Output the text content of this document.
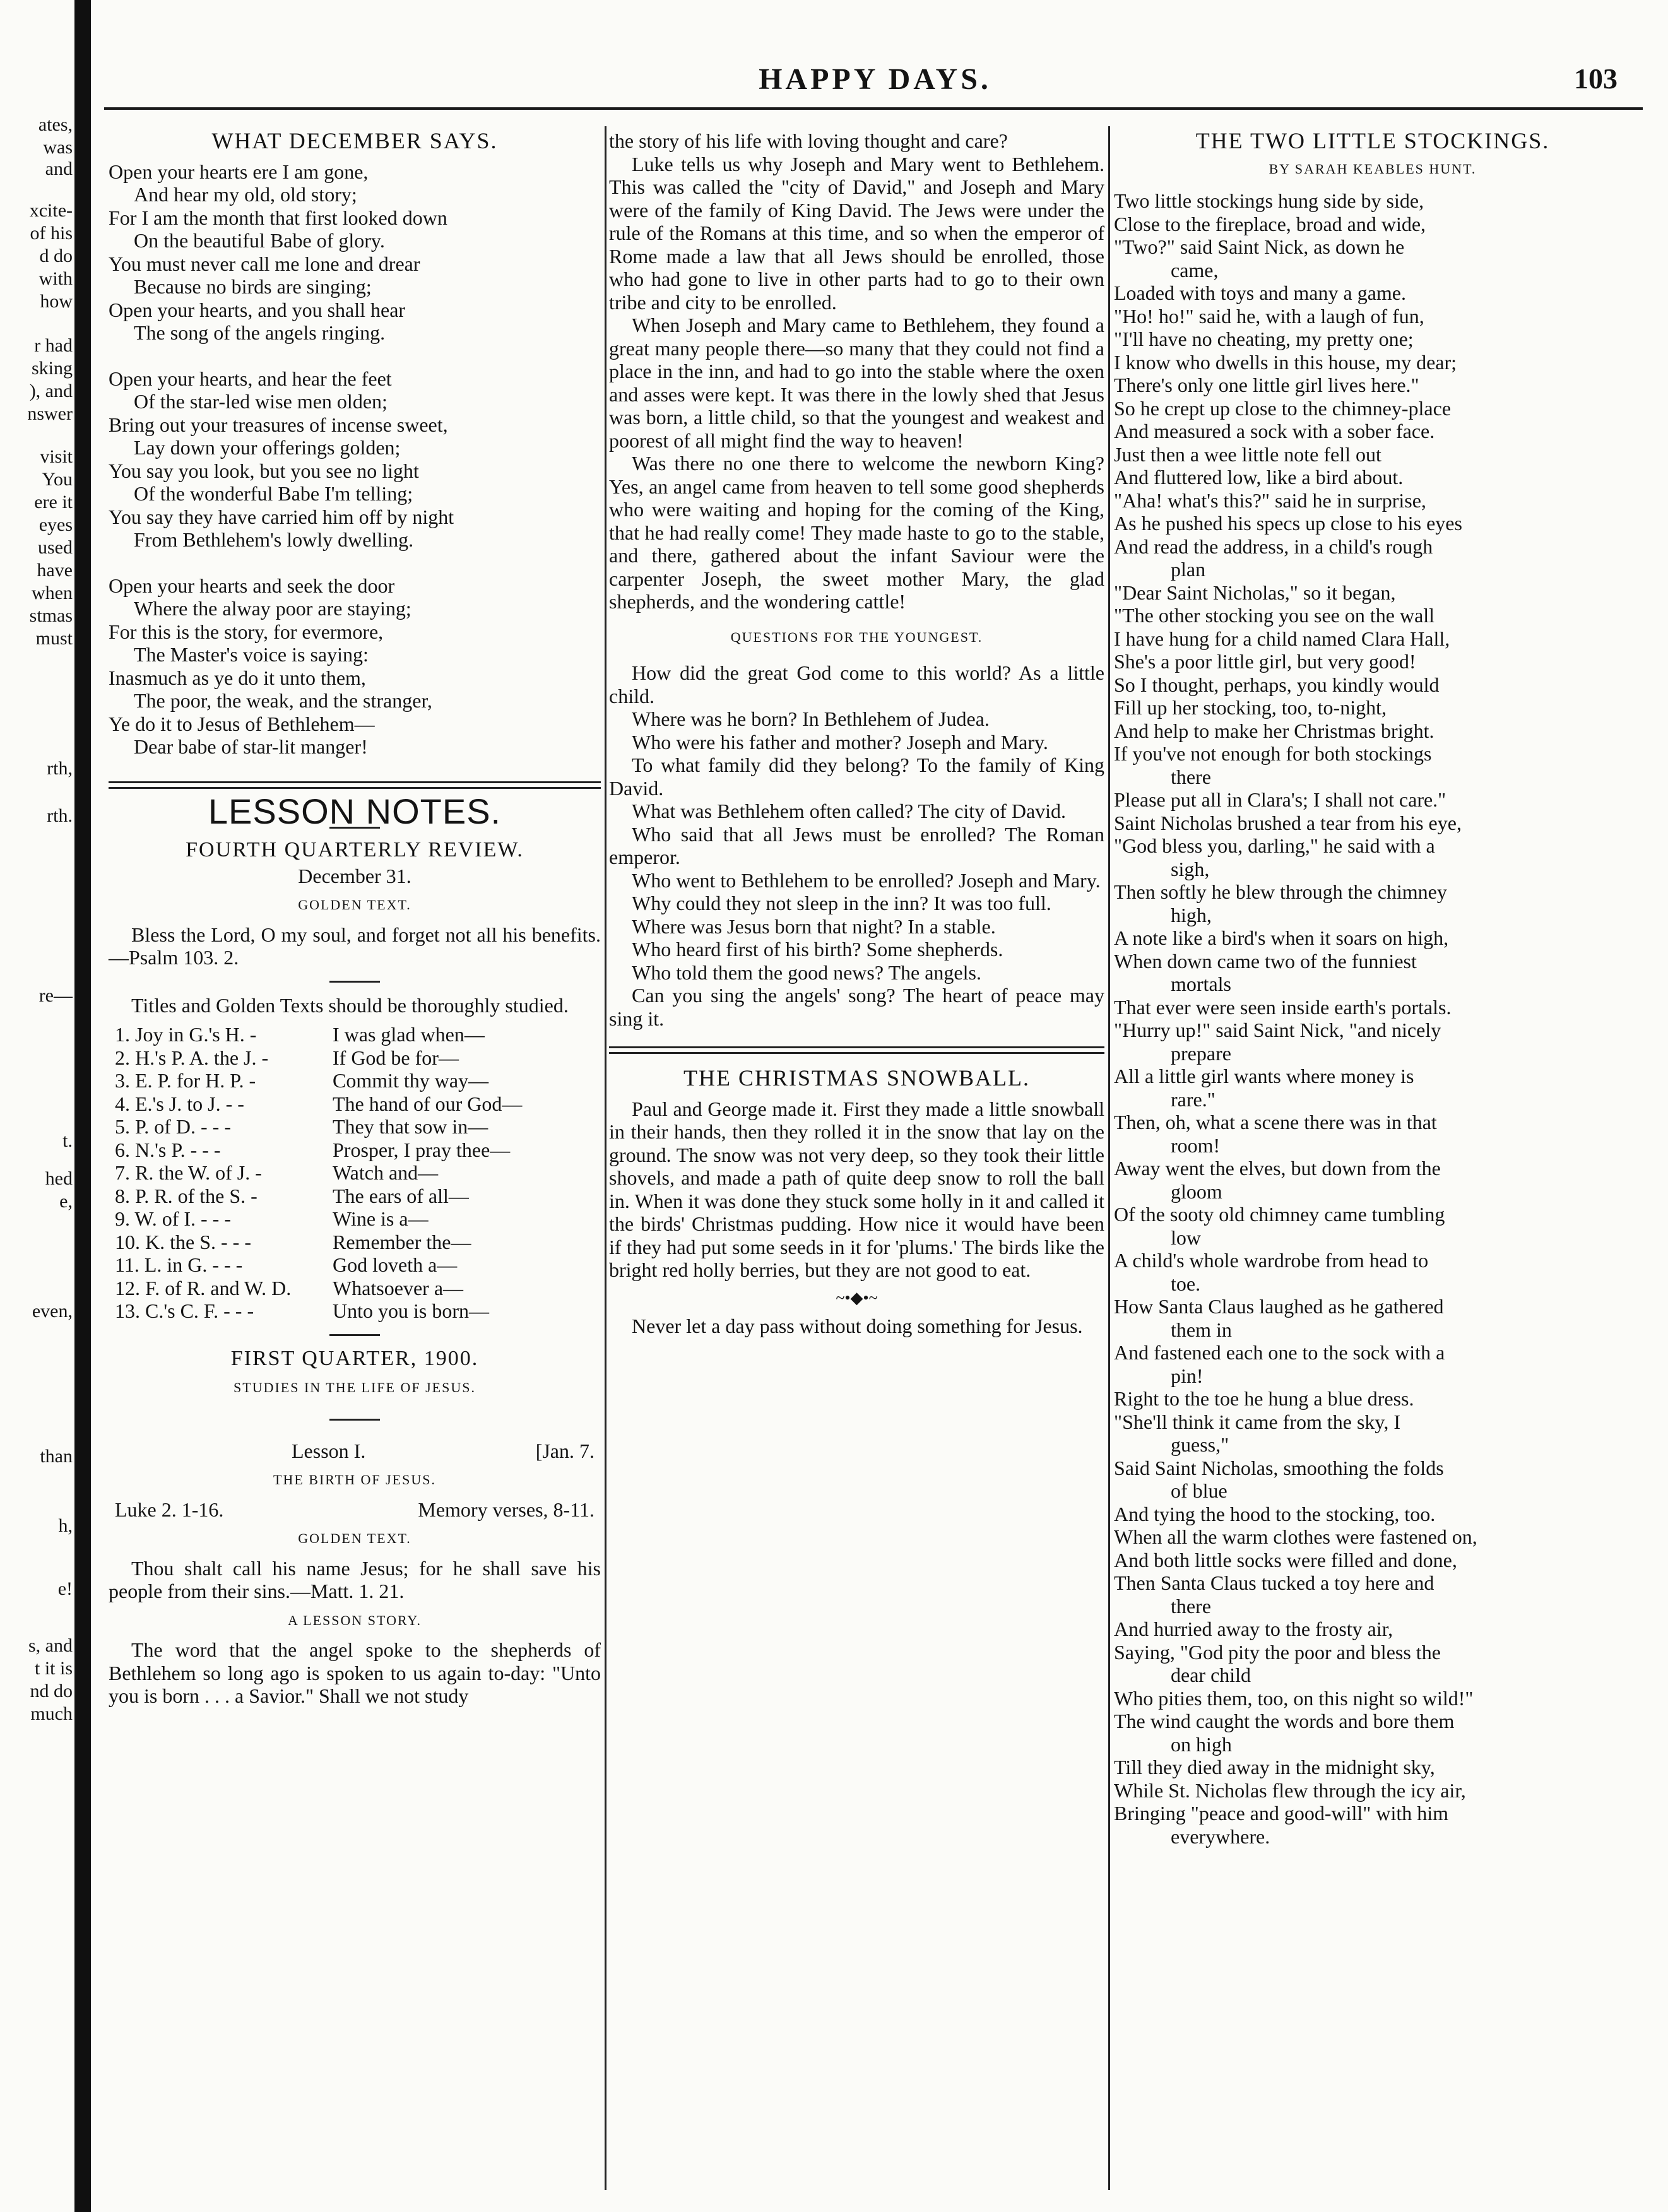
ates,
was
and
xcite-
of his
d do
with
how
r had
sking
), and
nswer
visit
You
ere it
eyes
used
have
when
stmas
must
rth,
rth.
re—
t.
hed
e,
even,
than
h,
e!
s, and
t it is
nd do
much
HAPPY DAYS.	103
WHAT DECEMBER SAYS.
Open your hearts ere I am gone,
And hear my old, old story;
For I am the month that first looked down
On the beautiful Babe of glory.
You must never call me lone and drear
Because no birds are singing;
Open your hearts, and you shall hear
The song of the angels ringing.
Open your hearts, and hear the feet
Of the star-led wise men olden;
Bring out your treasures of incense sweet,
Lay down your offerings golden;
You say you look, but you see no light
Of the wonderful Babe I'm telling;
You say they have carried him off by night
From Bethlehem's lowly dwelling.
Open your hearts and seek the door
Where the alway poor are staying;
For this is the story, for evermore,
The Master's voice is saying:
Inasmuch as ye do it unto them,
The poor, the weak, and the stranger,
Ye do it to Jesus of Bethlehem—
Dear babe of star-lit manger!
LESSON NOTES.
FOURTH QUARTERLY REVIEW.
December 31.
GOLDEN TEXT.

Bless the Lord, O my soul, and forget not all his benefits.—Psalm 103. 2.

Titles and Golden Texts should be thoroughly studied.

1. Joy in G.'s H. -	I was glad when—
2. H.'s P. A. the J. -	If God be for—
3. E. P. for H. P. -	Commit thy way—
4. E.'s J. to J. - -	The hand of our God—
5. P. of D. - - -	They that sow in—
6. N.'s P. - - -	Prosper, I pray thee—
7. R. the W. of J. -	Watch and—
8. P. R. of the S. -	The ears of all—
9. W. of I. - - -	Wine is a—
10. K. the S. - - -	Remember the—
11. L. in G. - - -	God loveth a—
12. F. of R. and W. D.	Whatsoever a—
13. C.'s C. F. - - -	Unto you is born—
FIRST QUARTER, 1900.
STUDIES IN THE LIFE OF JESUS.
Lesson I.	[Jan. 7.
THE BIRTH OF JESUS.
Luke 2. 1-16.	Memory verses, 8-11.
GOLDEN TEXT.

Thou shalt call his name Jesus; for he shall save his people from their sins.—Matt. 1. 21.

A LESSON STORY.

The word that the angel spoke to the shepherds of Bethlehem so long ago is spoken to us again to-day: "Unto you is born . . . a Savior." Shall we not study

the story of his life with loving thought and care?

Luke tells us why Joseph and Mary went to Bethlehem. This was called the "city of David," and Joseph and Mary were of the family of King David. The Jews were under the rule of the Romans at this time, and so when the emperor of Rome made a law that all Jews should be enrolled, those who had gone to live in other parts had to go to their own tribe and city to be enrolled.

When Joseph and Mary came to Bethlehem, they found a great many people there—so many that they could not find a place in the inn, and had to go into the stable where the oxen and asses were kept. It was there in the lowly shed that Jesus was born, a little child, so that the youngest and weakest and poorest of all might find the way to heaven!

Was there no one there to welcome the newborn King? Yes, an angel came from heaven to tell some good shepherds who were waiting and hoping for the coming of the King, that he had really come! They made haste to go to the stable, and there, gathered about the infant Saviour were the carpenter Joseph, the sweet mother Mary, the glad shepherds, and the wondering cattle!

QUESTIONS FOR THE YOUNGEST.

How did the great God come to this world? As a little child.

Where was he born? In Bethlehem of Judea.

Who were his father and mother? Joseph and Mary.

To what family did they belong? To the family of King David.

What was Bethlehem often called? The city of David.

Who said that all Jews must be enrolled? The Roman emperor.

Who went to Bethlehem to be enrolled? Joseph and Mary.

Why could they not sleep in the inn? It was too full.

Where was Jesus born that night? In a stable.

Who heard first of his birth? Some shepherds.

Who told them the good news? The angels.

Can you sing the angels' song? The heart of peace may sing it.

THE CHRISTMAS SNOWBALL.

Paul and George made it. First they made a little snowball in their hands, then they rolled it in the snow that lay on the ground. The snow was not very deep, so they took their little shovels, and made a path of quite deep snow to roll the ball in. When it was done they stuck some holly in it and called it the birds' Christmas pudding. How nice it would have been if they had put some seeds in it for 'plums.' The birds like the bright red holly berries, but they are not good to eat.

~•◆•~

Never let a day pass without doing something for Jesus.

THE TWO LITTLE STOCKINGS.
BY SARAH KEABLES HUNT.
Two little stockings hung side by side,
Close to the fireplace, broad and wide,
"Two?" said Saint Nick, as down he
came,
Loaded with toys and many a game.
"Ho! ho!" said he, with a laugh of fun,
"I'll have no cheating, my pretty one;
I know who dwells in this house, my dear;
There's only one little girl lives here."
So he crept up close to the chimney-place
And measured a sock with a sober face.
Just then a wee little note fell out
And fluttered low, like a bird about.
"Aha! what's this?" said he in surprise,
As he pushed his specs up close to his eyes
And read the address, in a child's rough
plan
"Dear Saint Nicholas," so it began,
"The other stocking you see on the wall
I have hung for a child named Clara Hall,
She's a poor little girl, but very good!
So I thought, perhaps, you kindly would
Fill up her stocking, too, to-night,
And help to make her Christmas bright.
If you've not enough for both stockings
there
Please put all in Clara's; I shall not care."
Saint Nicholas brushed a tear from his eye,
"God bless you, darling," he said with a
sigh,
Then softly he blew through the chimney
high,
A note like a bird's when it soars on high,
When down came two of the funniest
mortals
That ever were seen inside earth's portals.
"Hurry up!" said Saint Nick, "and nicely
prepare
All a little girl wants where money is
rare."
Then, oh, what a scene there was in that
room!
Away went the elves, but down from the
gloom
Of the sooty old chimney came tumbling
low
A child's whole wardrobe from head to
toe.
How Santa Claus laughed as he gathered
them in
And fastened each one to the sock with a
pin!
Right to the toe he hung a blue dress.
"She'll think it came from the sky, I
guess,"
Said Saint Nicholas, smoothing the folds
of blue
And tying the hood to the stocking, too.
When all the warm clothes were fastened on,
And both little socks were filled and done,
Then Santa Claus tucked a toy here and
there
And hurried away to the frosty air,
Saying, "God pity the poor and bless the
dear child
Who pities them, too, on this night so wild!"
The wind caught the words and bore them
on high
Till they died away in the midnight sky,
While St. Nicholas flew through the icy air,
Bringing "peace and good-will" with him
everywhere.
